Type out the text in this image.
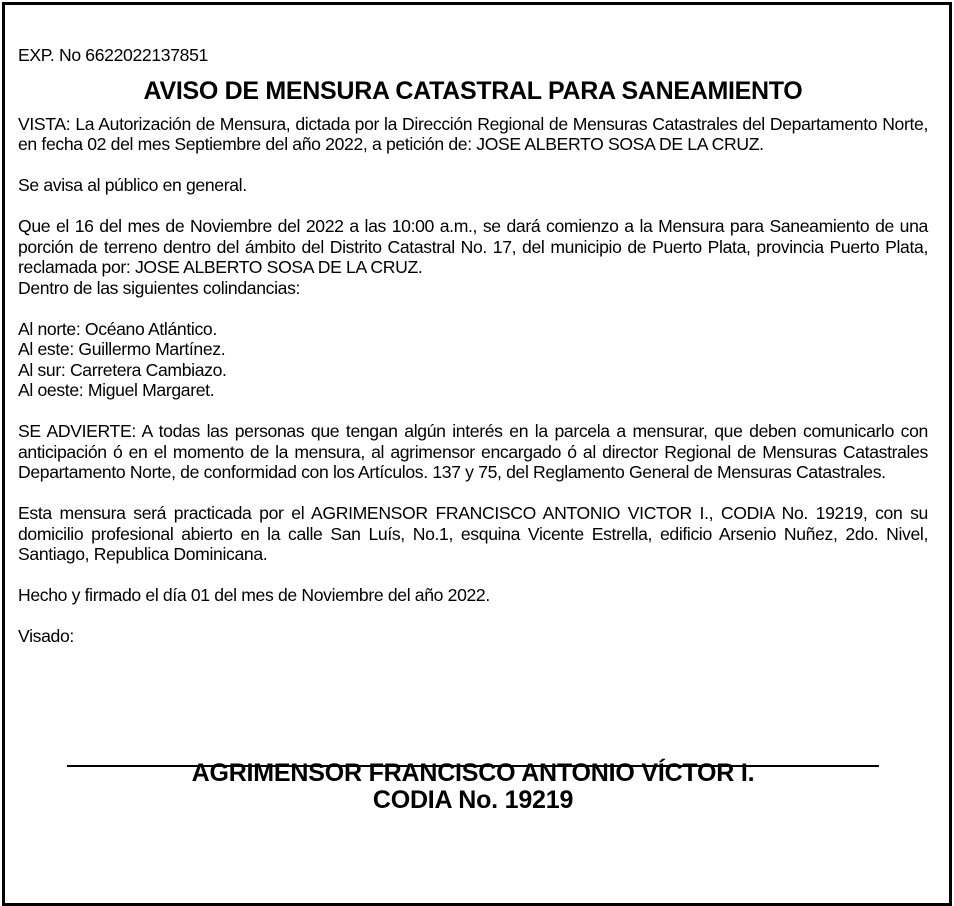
EXP. No 6622022137851

AVISO DE MENSURA CATASTRAL PARA SANEAMIENTO

VISTA: La Autorización de Mensura, dictada por la Dirección Regional de Mensuras Catastrales del Departamento Norte, en fecha 02 del mes Septiembre del año 2022, a petición de: JOSE ALBERTO SOSA DE LA CRUZ.

Se avisa al público en general.

Que el 16 del mes de Noviembre del 2022 a las 10:00 a.m., se dará comienzo a la Mensura para Saneamiento de una porción de terreno dentro del ámbito del Distrito Catastral No. 17, del municipio de Puerto Plata, provincia Puerto Plata, reclamada por: JOSE ALBERTO SOSA DE LA CRUZ.

Dentro de las siguientes colindancias:

Al norte: Océano Atlántico.
Al este: Guillermo Martínez.
Al sur: Carretera Cambiazo.
Al oeste: Miguel Margaret.

SE ADVIERTE: A todas las personas que tengan algún interés en la parcela a mensurar, que deben comunicarlo con anticipación ó en el momento de la mensura, al agrimensor encargado ó al director Regional de Mensuras Catastrales Departamento Norte, de conformidad con los Artículos. 137 y 75, del Reglamento General de Mensuras Catastrales.

Esta mensura será practicada por el AGRIMENSOR FRANCISCO ANTONIO VICTOR I., CODIA No. 19219, con su domicilio profesional abierto en la calle San Luís, No.1, esquina Vicente Estrella, edificio Arsenio Nuñez, 2do. Nivel, Santiago, Republica Dominicana.

Hecho y firmado el día 01 del mes de Noviembre del año 2022.

Visado:

AGRIMENSOR FRANCISCO ANTONIO VÍCTOR I.
CODIA No. 19219
